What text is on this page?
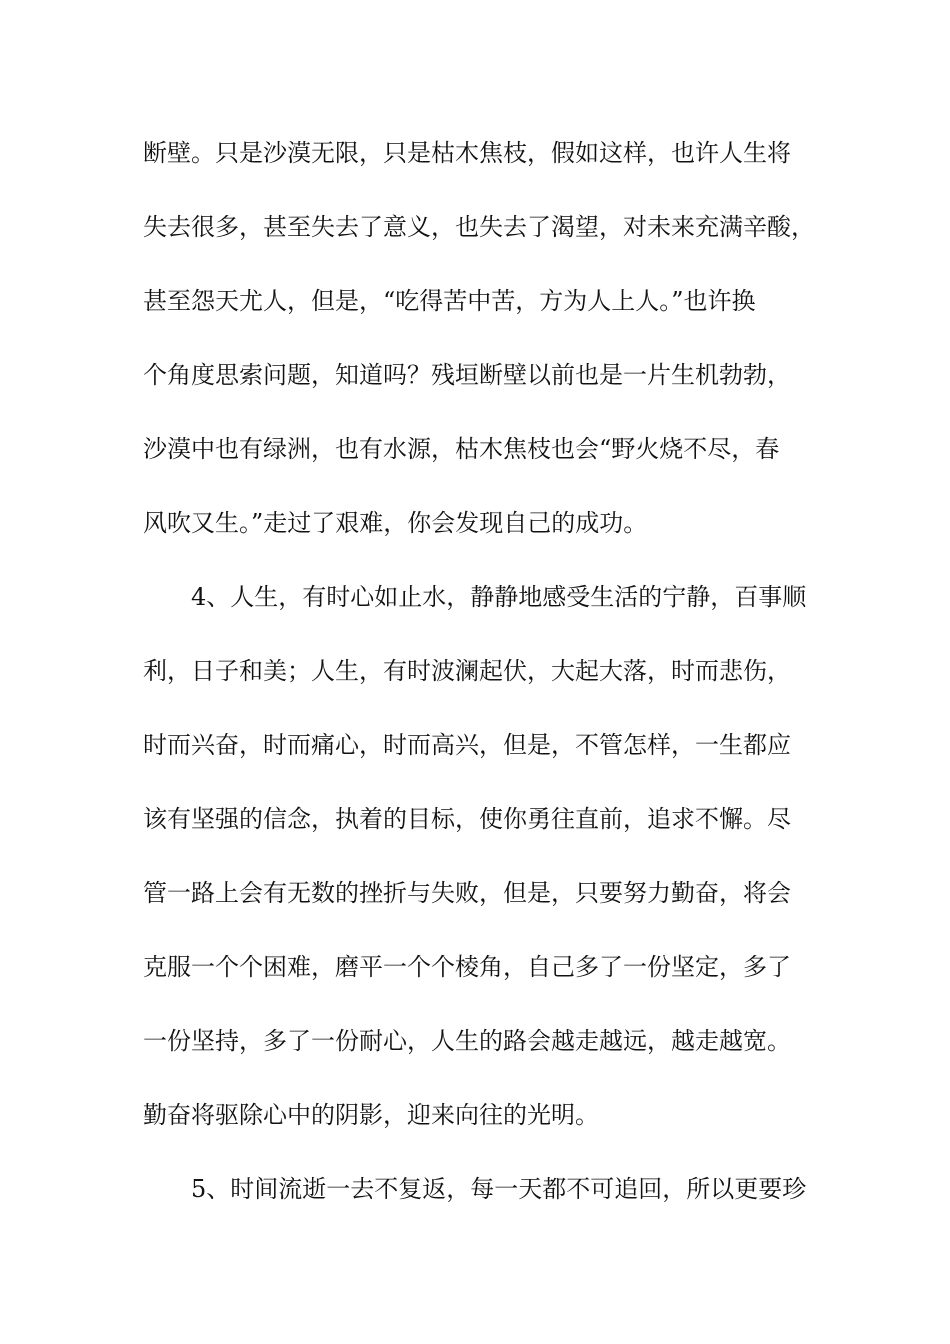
断壁。只是沙漠无限，只是枯木焦枝，假如这样，也许人生将
失去很多，甚至失去了意义，也失去了渴望，对未来充满辛酸，
甚至怨天尤人，但是，“吃得苦中苦，方为人上人。”也许换
个角度思索问题，知道吗？残垣断壁以前也是一片生机勃勃，
沙漠中也有绿洲，也有水源，枯木焦枝也会“野火烧不尽，春
风吹又生。”走过了艰难，你会发现自己的成功。
4、人生，有时心如止水，静静地感受生活的宁静，百事顺
利，日子和美；人生，有时波澜起伏，大起大落，时而悲伤，
时而兴奋，时而痛心，时而高兴，但是，不管怎样，一生都应
该有坚强的信念，执着的目标，使你勇往直前，追求不懈。尽
管一路上会有无数的挫折与失败，但是，只要努力勤奋，将会
克服一个个困难，磨平一个个棱角，自己多了一份坚定，多了
一份坚持，多了一份耐心，人生的路会越走越远，越走越宽。
勤奋将驱除心中的阴影，迎来向往的光明。
5、时间流逝一去不复返，每一天都不可追回，所以更要珍
